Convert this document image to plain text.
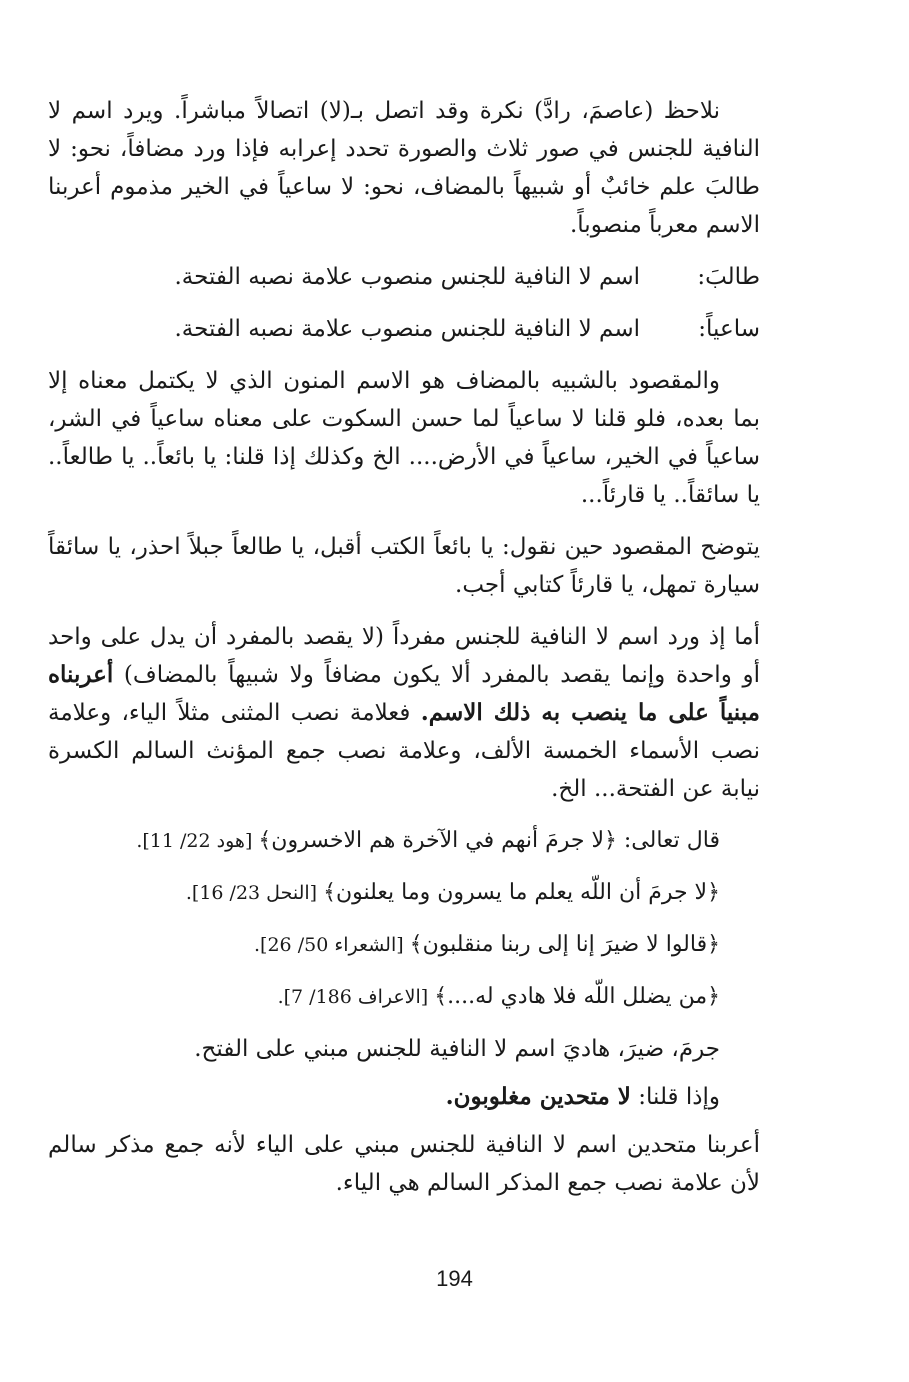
نلاحظ (عاصمَ، رادَّ) نكرة وقد اتصل بـ(لا) اتصالاً مباشراً. ويرد اسم لا النافية للجنس في صور ثلاث والصورة تحدد إعرابه فإذا ورد مضافاً، نحو: لا طالبَ علم خائبٌ أو شبيهاً بالمضاف، نحو: لا ساعياً في الخير مذموم أعربنا الاسم معرباً منصوباً.

طالبَ:
اسم لا النافية للجنس منصوب علامة نصبه الفتحة.
ساعياً:
اسم لا النافية للجنس منصوب علامة نصبه الفتحة.

والمقصود بالشبيه بالمضاف هو الاسم المنون الذي لا يكتمل معناه إلا بما بعده، فلو قلنا لا ساعياً لما حسن السكوت على معناه ساعياً في الشر، ساعياً في الخير، ساعياً في الأرض.... الخ وكذلك إذا قلنا: يا بائعاً.. يا طالعاً.. يا سائقاً.. يا قارئاً...

يتوضح المقصود حين نقول: يا بائعاً الكتب أقبل، يا طالعاً جبلاً احذر، يا سائقاً سيارة تمهل، يا قارئاً كتابي أجب.

أما إذ ورد اسم لا النافية للجنس مفرداً (لا يقصد بالمفرد أن يدل على واحد أو واحدة وإنما يقصد بالمفرد ألا يكون مضافاً ولا شبيهاً بالمضاف) أعربناه مبنياً على ما ينصب به ذلك الاسم. فعلامة نصب المثنى مثلاً الياء، وعلامة نصب الأسماء الخمسة الألف، وعلامة نصب جمع المؤنث السالم الكسرة نيابة عن الفتحة... الخ.

قال تعالى: ﴿لا جرمَ أنهم في الآخرة هم الاخسرون﴾ [هود 22/ 11].
﴿لا جرمَ أن اللّه يعلم ما يسرون وما يعلنون﴾ [النحل 23/ 16].
﴿قالوا لا ضيرَ إنا إلى ربنا منقلبون﴾ [الشعراء 50/ 26].
﴿من يضلل اللّه فلا هادي له....﴾ [الاعراف 186/ 7].
جرمَ، ضيرَ، هاديَ اسم لا النافية للجنس مبني على الفتح.
وإذا قلنا: لا متحدين مغلوبون.

أعربنا متحدين اسم لا النافية للجنس مبني على الياء لأنه جمع مذكر سالم لأن علامة نصب جمع المذكر السالم هي الياء.

194
